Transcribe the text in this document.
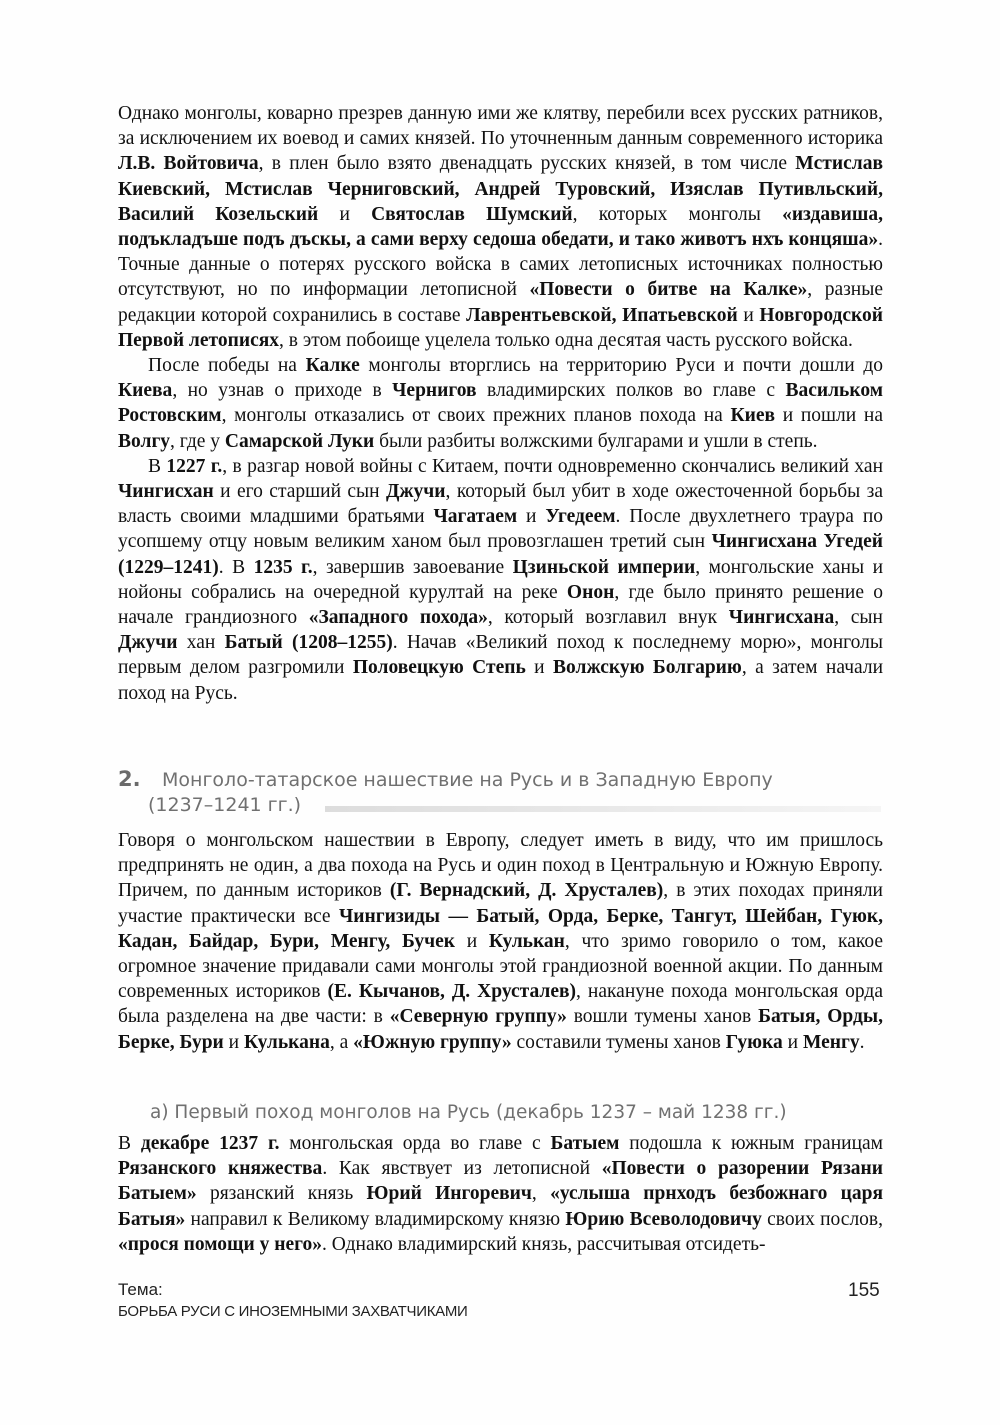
Однако монголы, коварно презрев данную ими же клятву, перебили всех русских ратников, за исключением их воевод и самих князей. По уточненным данным современного историка Л.В. Войтовича, в плен было взято двенадцать русских князей, в том числе Мстислав Киевский, Мстислав Черниговский, Андрей Туровский, Изяслав Путивльский, Василий Козельский и Святослав Шумский, которых монголы «издавиша, подъкладъше подъ дъскы, а сами верху седоша обедати, и тако животъ нхъ концяша». Точные данные о потерях русского войска в самих летописных источниках полностью отсутствуют, но по информации летописной «Повести о битве на Калке», разные редакции которой сохранились в составе Лаврентьевской, Ипатьевской и Новгородской Первой летописях, в этом побоище уцелела только одна десятая часть русского войска.

После победы на Калке монголы вторглись на территорию Руси и почти дошли до Киева, но узнав о приходе в Чернигов владимирских полков во главе с Васильком Ростовским, монголы отказались от своих прежних планов похода на Киев и пошли на Волгу, где у Самарской Луки были разбиты волжскими булгарами и ушли в степь.

В 1227 г., в разгар новой войны с Китаем, почти одновременно скончались великий хан Чингисхан и его старший сын Джучи, который был убит в ходе ожесточенной борьбы за власть своими младшими братьями Чагатаем и Угедеем. После двухлетнего траура по усопшему отцу новым великим ханом был провозглашен третий сын Чингисхана Угедей (1229–1241). В 1235 г., завершив завоевание Цзиньской империи, монгольские ханы и нойоны собрались на очередной курултай на реке Онон, где было принято решение о начале грандиозного «Западного похода», который возглавил внук Чингисхана, сын Джучи хан Батый (1208–1255). Начав «Великий поход к последнему морю», монголы первым делом разгромили Половецкую Степь и Волжскую Болгарию, а затем начали поход на Русь.

2. Монголо-татарское нашествие на Русь и в Западную Европу
(1237–1241 гг.)

Говоря о монгольском нашествии в Европу, следует иметь в виду, что им пришлось предпринять не один, а два похода на Русь и один поход в Центральную и Южную Европу. Причем, по данным историков (Г. Вернадский, Д. Хрусталев), в этих походах приняли участие практически все Чингизиды — Батый, Орда, Берке, Тангут, Шейбан, Гуюк, Кадан, Байдар, Бури, Менгу, Бучек и Кулькан, что зримо говорило о том, какое огромное значение придавали сами монголы этой грандиозной военной акции. По данным современных историков (Е. Кычанов, Д. Хрусталев), накануне похода монгольская орда была разделена на две части: в «Северную группу» вошли тумены ханов Батыя, Орды, Берке, Бури и Кулькана, а «Южную группу» составили тумены ханов Гуюка и Менгу.

а) Первый поход монголов на Русь (декабрь 1237 – май 1238 гг.)

В декабре 1237 г. монгольская орда во главе с Батыем подошла к южным границам Рязанского княжества. Как явствует из летописной «Повести о разорении Рязани Батыем» рязанский князь Юрий Ингоревич, «услыша прнходъ безбожнаго царя Батыя» направил к Великому владимирскому князю Юрию Всеволодовичу своих послов, «прося помощи у него». Однако владимирский князь, рассчитывая отсидеть-

Тема:
БОРЬБА РУСИ С ИНОЗЕМНЫМИ ЗАХВАТЧИКАМИ
155
